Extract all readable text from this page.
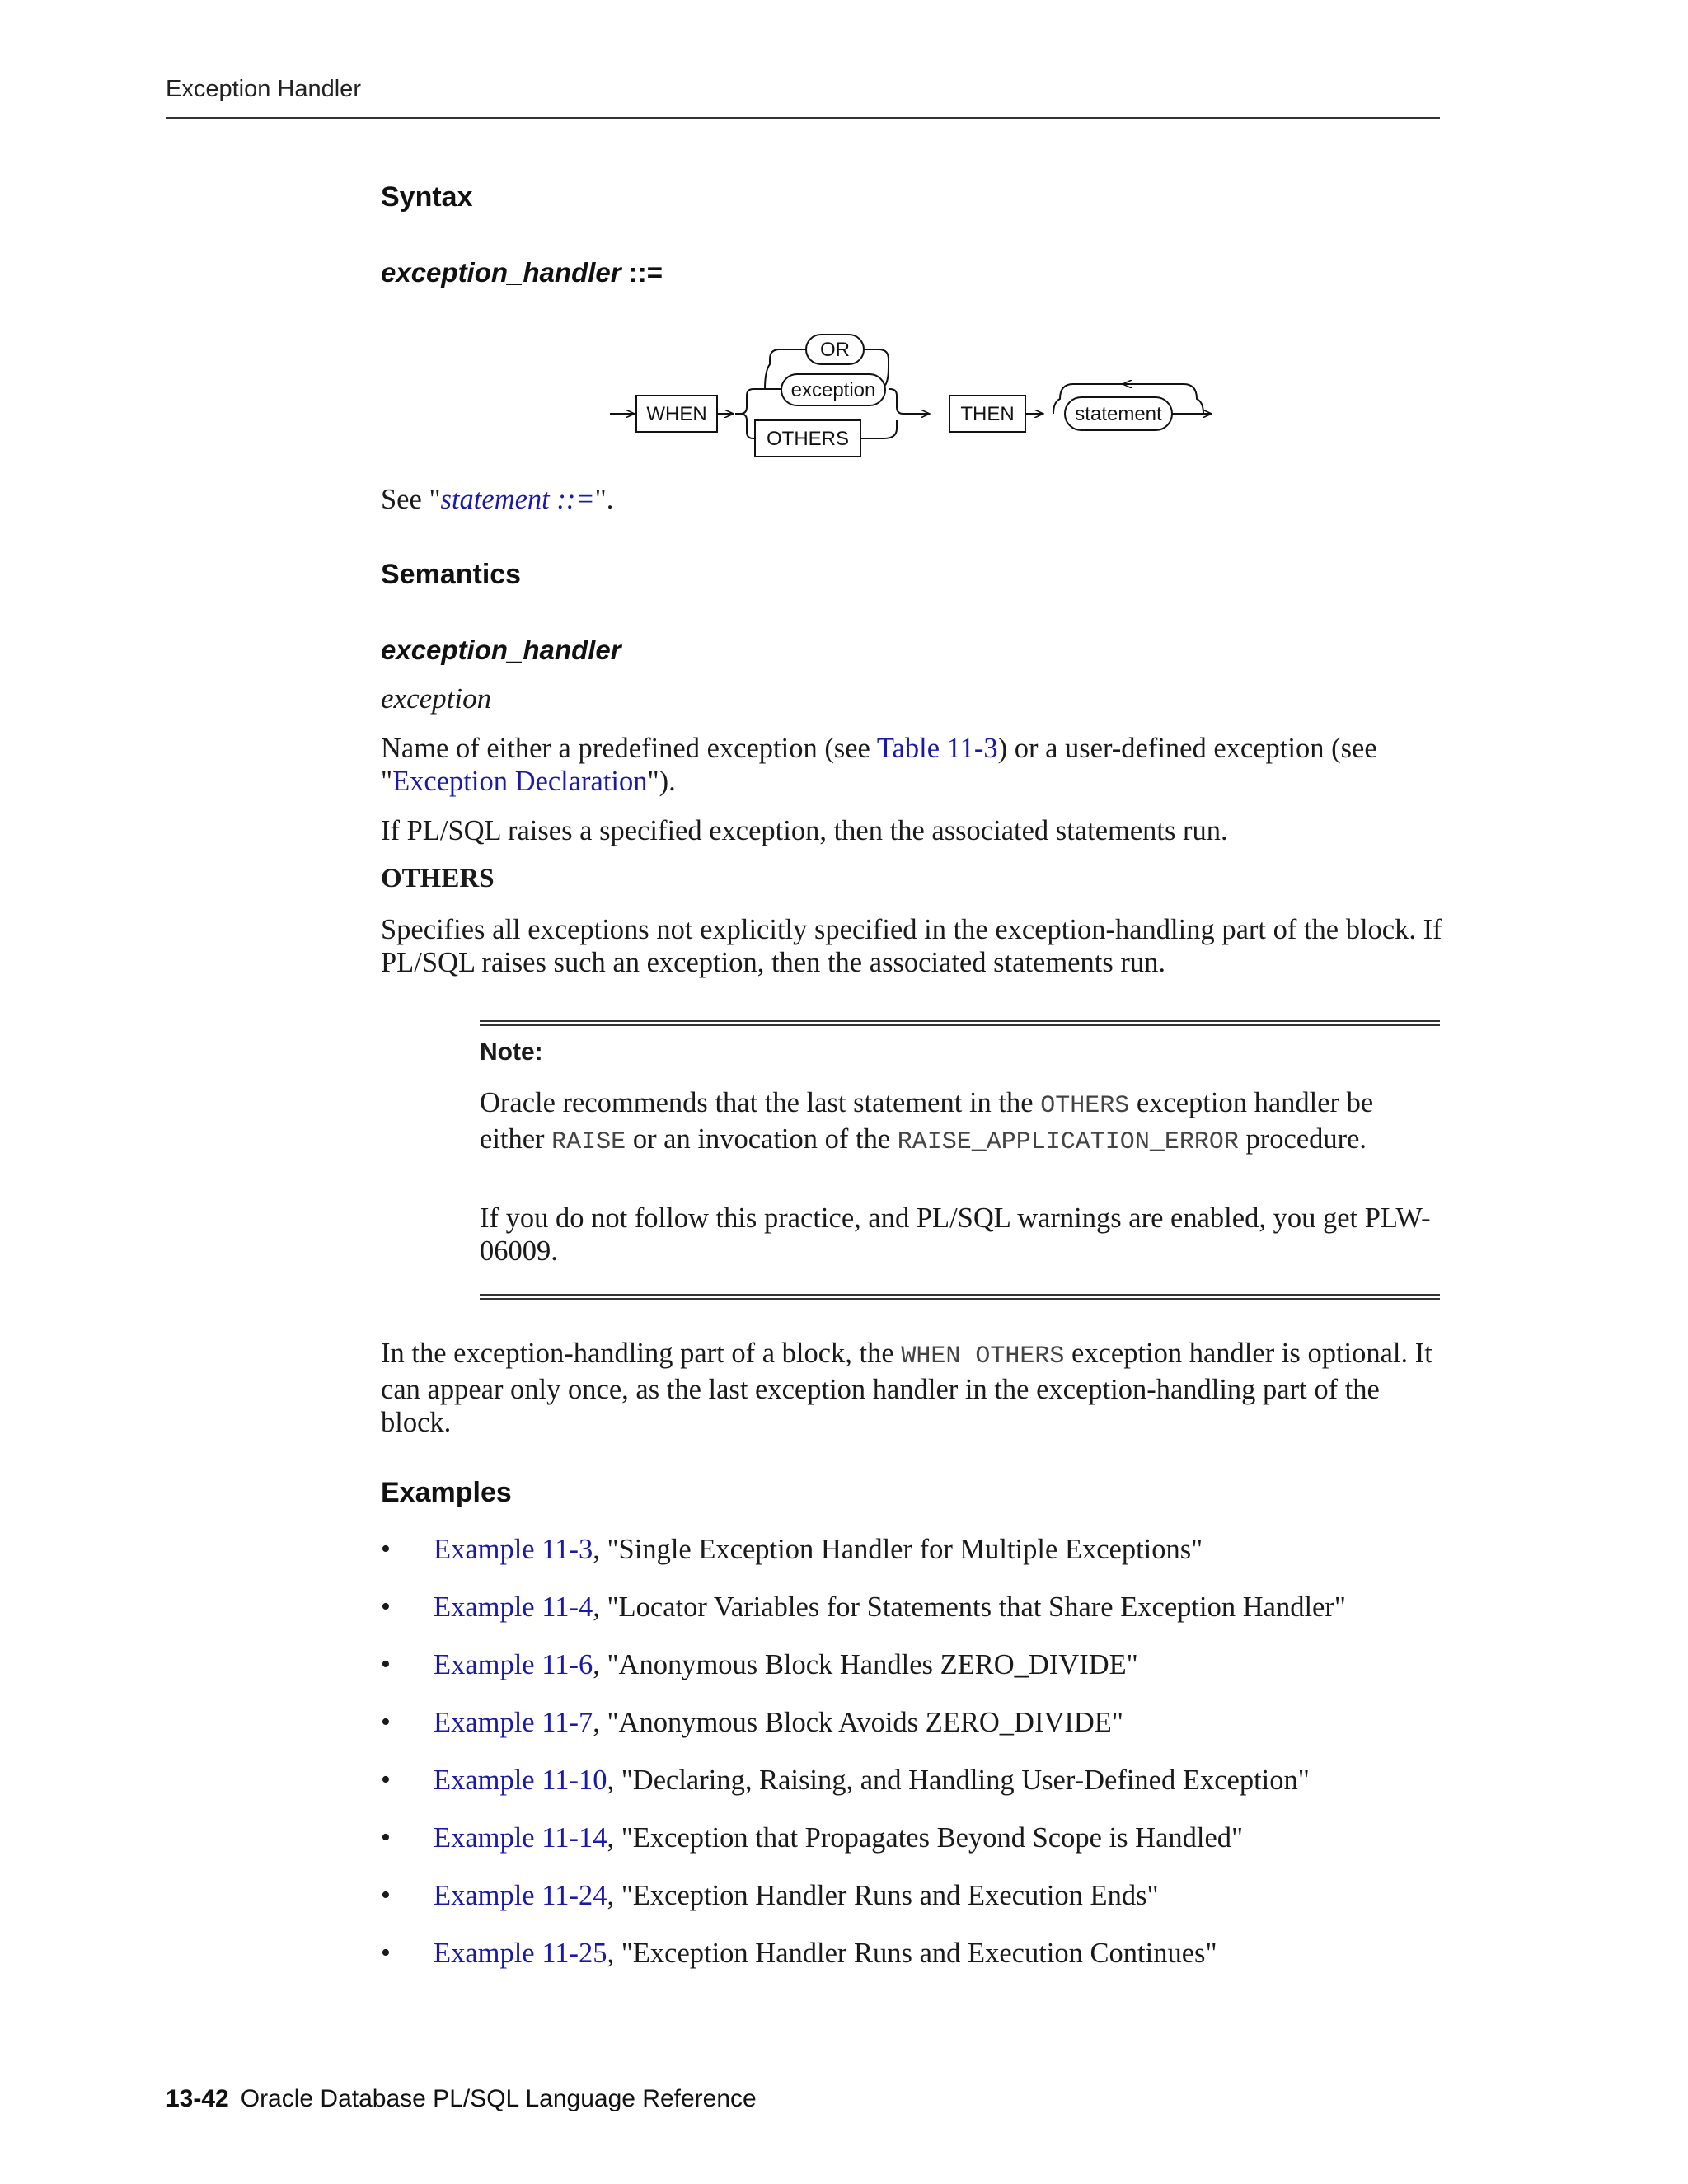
Exception Handler
Syntax
exception_handler ::=
WHEN
OR
exception
OTHERS
THEN	statement

See "statement ::=".

Semantics
exception_handler

exception

Name of either a predefined exception (see Table 11-3) or a user-defined exception (see "Exception Declaration").

If PL/SQL raises a specified exception, then the associated statements run.

OTHERS

Specifies all exceptions not explicitly specified in the exception-handling part of the block. If PL/SQL raises such an exception, then the associated statements run.

Note:

Oracle recommends that the last statement in the OTHERS exception handler be either RAISE or an invocation of the RAISE_APPLICATION_ERROR procedure.

If you do not follow this practice, and PL/SQL warnings are enabled, you get PLW-06009.

In the exception-handling part of a block, the WHEN OTHERS exception handler is optional. It can appear only once, as the last exception handler in the exception-handling part of the block.

Examples
• Example 11-3, "Single Exception Handler for Multiple Exceptions"
• Example 11-4, "Locator Variables for Statements that Share Exception Handler"
• Example 11-6, "Anonymous Block Handles ZERO_DIVIDE"
• Example 11-7, "Anonymous Block Avoids ZERO_DIVIDE"
• Example 11-10, "Declaring, Raising, and Handling User-Defined Exception"
• Example 11-14, "Exception that Propagates Beyond Scope is Handled"
• Example 11-24, "Exception Handler Runs and Execution Ends"
• Example 11-25, "Exception Handler Runs and Execution Continues"
13-42 Oracle Database PL/SQL Language Reference
